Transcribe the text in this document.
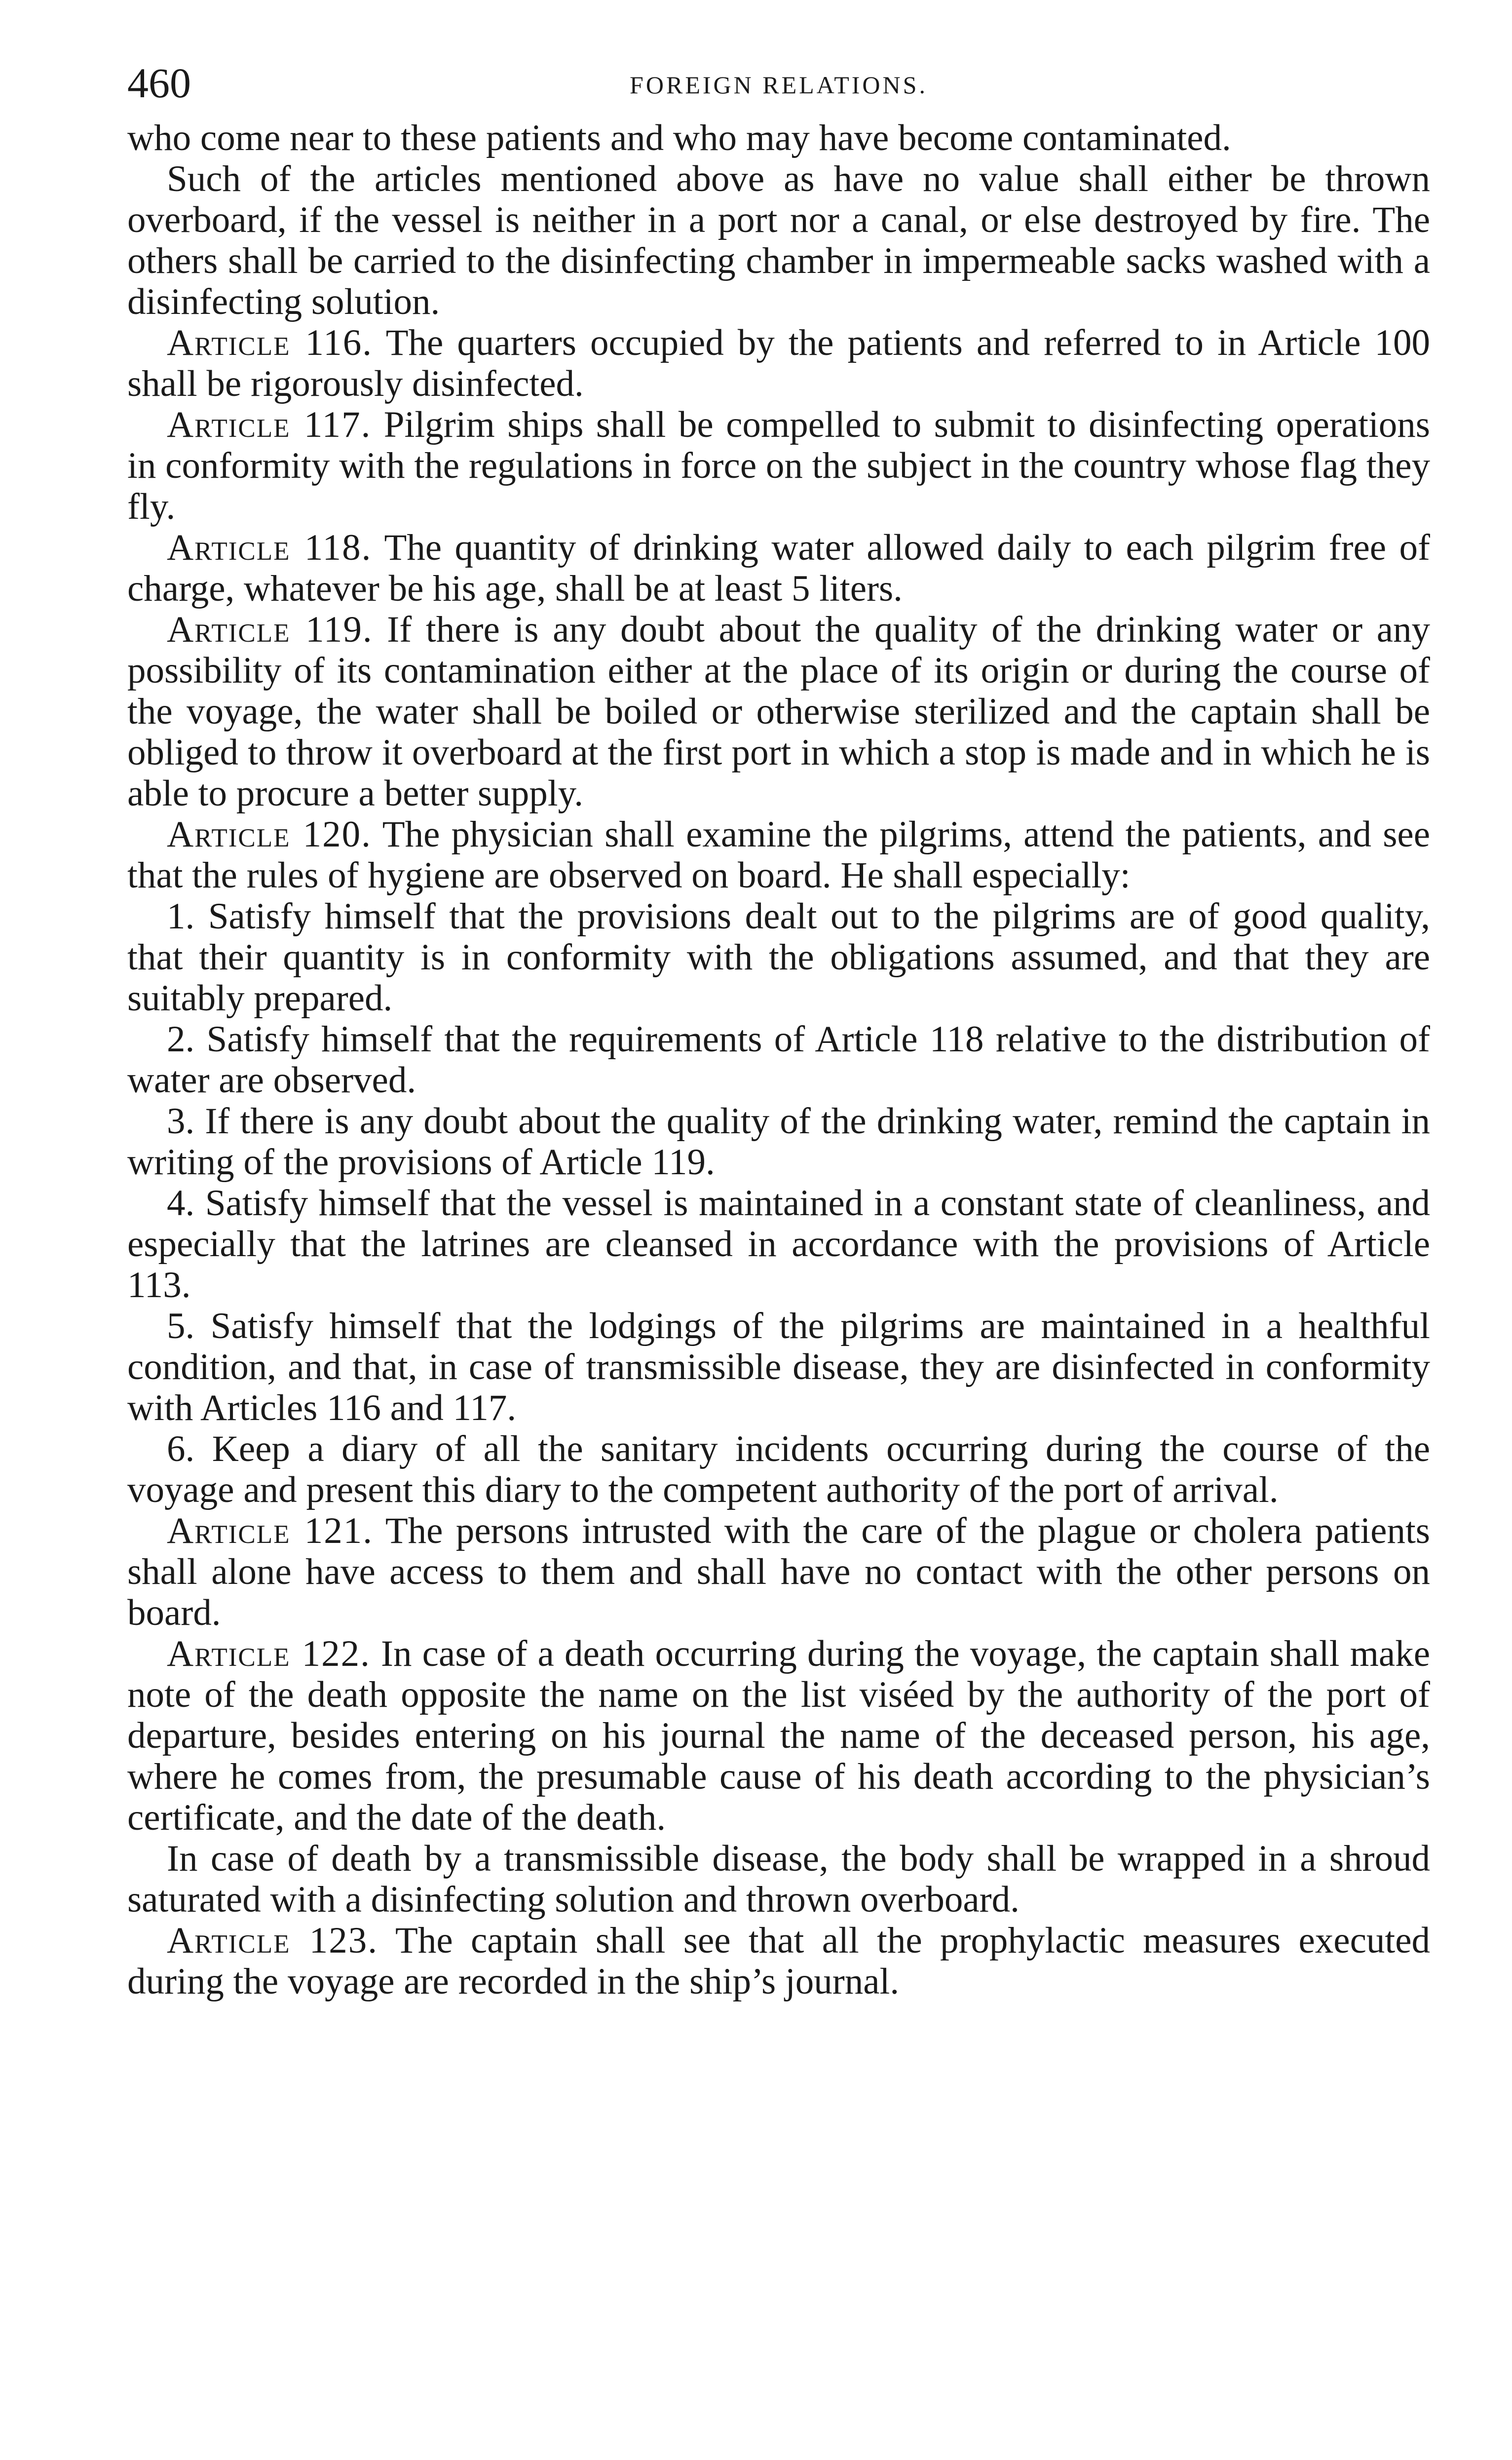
460	FOREIGN RELATIONS.

who come near to these patients and who may have become contaminated.

Such of the articles mentioned above as have no value shall either be thrown overboard, if the vessel is neither in a port nor a canal, or else destroyed by fire. The others shall be carried to the disinfecting chamber in impermeable sacks washed with a disinfecting solution.

Article 116. The quarters occupied by the patients and referred to in Article 100 shall be rigorously disinfected.

Article 117. Pilgrim ships shall be compelled to submit to disinfecting operations in conformity with the regulations in force on the subject in the country whose flag they fly.

Article 118. The quantity of drinking water allowed daily to each pilgrim free of charge, whatever be his age, shall be at least 5 liters.

Article 119. If there is any doubt about the quality of the drinking water or any possibility of its contamination either at the place of its origin or during the course of the voyage, the water shall be boiled or otherwise sterilized and the captain shall be obliged to throw it overboard at the first port in which a stop is made and in which he is able to procure a better supply.

Article 120. The physician shall examine the pilgrims, attend the patients, and see that the rules of hygiene are observed on board. He shall especially:

1. Satisfy himself that the provisions dealt out to the pilgrims are of good quality, that their quantity is in conformity with the obligations assumed, and that they are suitably prepared.

2. Satisfy himself that the requirements of Article 118 relative to the distribution of water are observed.

3. If there is any doubt about the quality of the drinking water, remind the captain in writing of the provisions of Article 119.

4. Satisfy himself that the vessel is maintained in a constant state of cleanliness, and especially that the latrines are cleansed in accordance with the provisions of Article 113.

5. Satisfy himself that the lodgings of the pilgrims are maintained in a healthful condition, and that, in case of transmissible disease, they are disinfected in conformity with Articles 116 and 117.

6. Keep a diary of all the sanitary incidents occurring during the course of the voyage and present this diary to the competent authority of the port of arrival.

Article 121. The persons intrusted with the care of the plague or cholera patients shall alone have access to them and shall have no contact with the other persons on board.

Article 122. In case of a death occurring during the voyage, the captain shall make note of the death opposite the name on the list viséed by the authority of the port of departure, besides entering on his journal the name of the deceased person, his age, where he comes from, the presumable cause of his death according to the physician’s certificate, and the date of the death.

In case of death by a transmissible disease, the body shall be wrapped in a shroud saturated with a disinfecting solution and thrown overboard.

Article 123. The captain shall see that all the prophylactic measures executed during the voyage are recorded in the ship’s journal.
